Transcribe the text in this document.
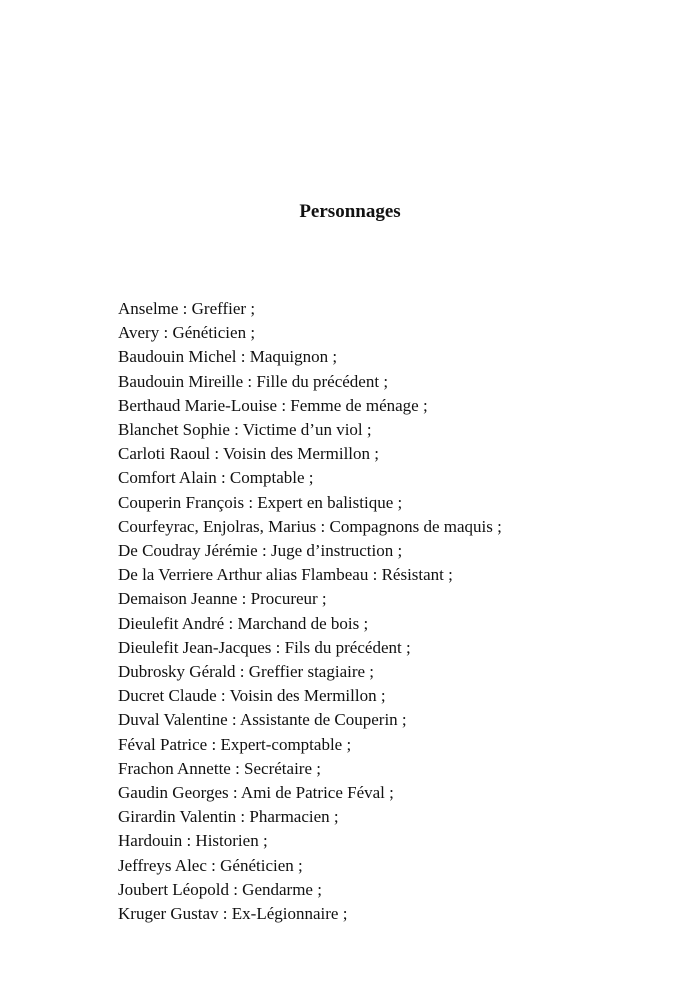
Personnages
Anselme : Greffier ;
Avery : Généticien ;
Baudouin Michel : Maquignon ;
Baudouin Mireille : Fille du précédent ;
Berthaud Marie-Louise : Femme de ménage ;
Blanchet Sophie : Victime d’un viol ;
Carloti Raoul : Voisin des Mermillon ;
Comfort Alain : Comptable ;
Couperin François : Expert en balistique ;
Courfeyrac, Enjolras, Marius : Compagnons de maquis ;
De Coudray Jérémie : Juge d’instruction ;
De la Verriere Arthur alias Flambeau : Résistant ;
Demaison Jeanne : Procureur ;
Dieulefit André : Marchand de bois ;
Dieulefit Jean-Jacques : Fils du précédent ;
Dubrosky Gérald : Greffier stagiaire ;
Ducret Claude : Voisin des Mermillon ;
Duval Valentine : Assistante de Couperin ;
Féval Patrice : Expert-comptable ;
Frachon Annette : Secrétaire ;
Gaudin Georges : Ami de Patrice Féval ;
Girardin Valentin : Pharmacien ;
Hardouin : Historien ;
Jeffreys Alec : Généticien ;
Joubert Léopold : Gendarme ;
Kruger Gustav : Ex-Légionnaire ;
